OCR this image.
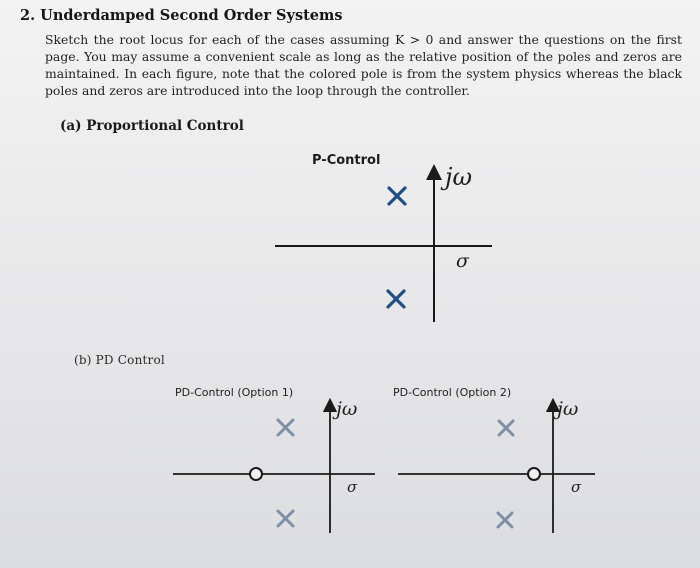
2. Underdamped Second Order Systems
Sketch the root locus for each of the cases assuming K > 0 and answer the questions on the first page. You may assume a convenient scale as long as the relative position of the poles and zeros are maintained. In each figure, note that the colored pole is from the system physics whereas the black poles and zeros are introduced into the loop through the controller.
(a) Proportional Control
(b) PD Control
P-Control
PD-Control (Option 1)	PD-Control (Option 2)
jω
σ
jω
σ
jω
σ
